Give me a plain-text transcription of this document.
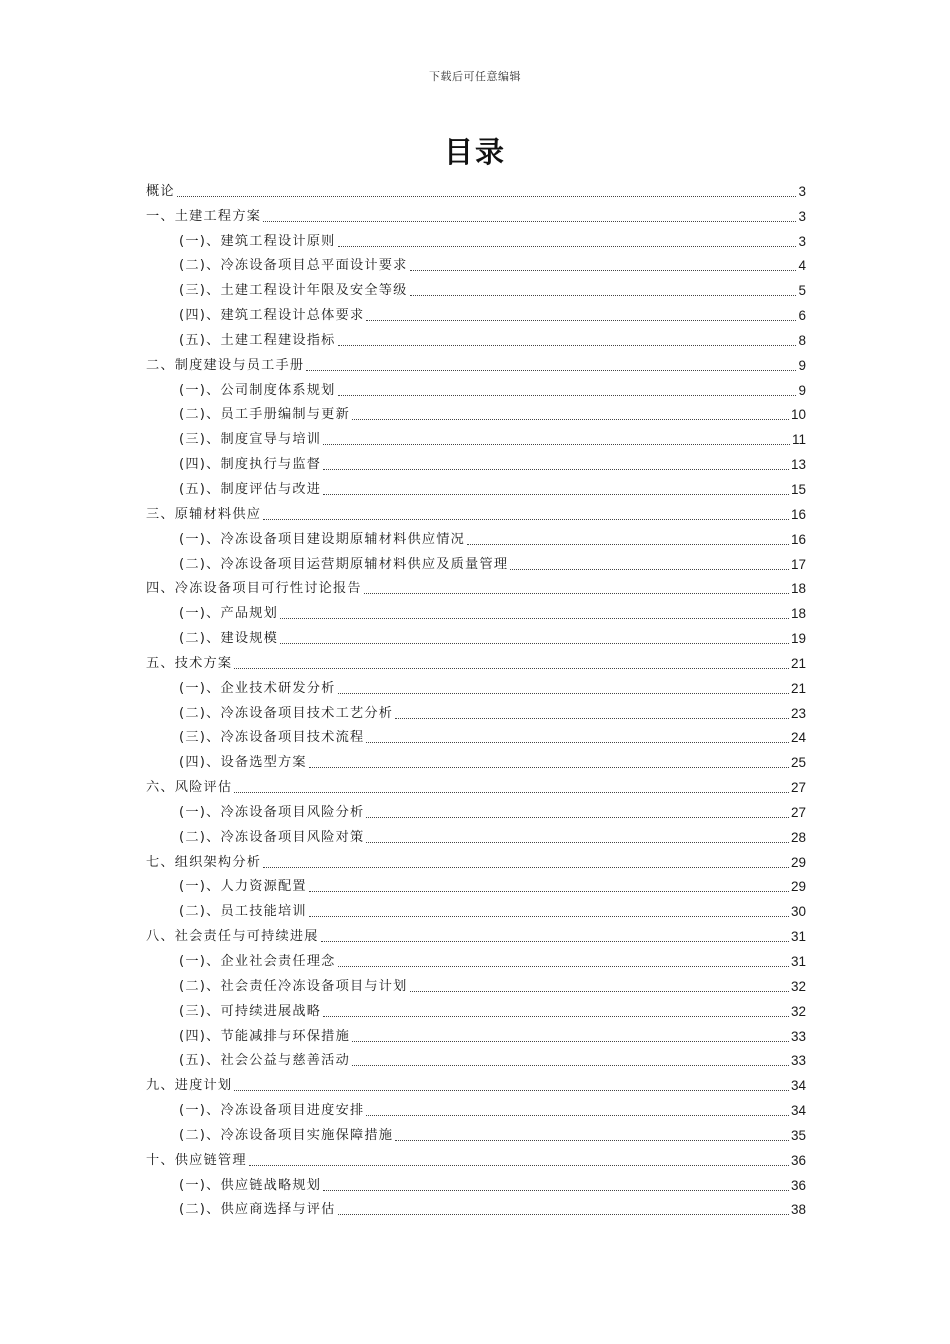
下载后可任意编辑
目录
概论	3
一、土建工程方案	3
(一)、建筑工程设计原则	3
(二)、冷冻设备项目总平面设计要求	4
(三)、土建工程设计年限及安全等级	5
(四)、建筑工程设计总体要求	6
(五)、土建工程建设指标	8
二、制度建设与员工手册	9
(一)、公司制度体系规划	9
(二)、员工手册编制与更新	10
(三)、制度宣导与培训	11
(四)、制度执行与监督	13
(五)、制度评估与改进	15
三、原辅材料供应	16
(一)、冷冻设备项目建设期原辅材料供应情况	16
(二)、冷冻设备项目运营期原辅材料供应及质量管理	17
四、冷冻设备项目可行性讨论报告	18
(一)、产品规划	18
(二)、建设规模	19
五、技术方案	21
(一)、企业技术研发分析	21
(二)、冷冻设备项目技术工艺分析	23
(三)、冷冻设备项目技术流程	24
(四)、设备选型方案	25
六、风险评估	27
(一)、冷冻设备项目风险分析	27
(二)、冷冻设备项目风险对策	28
七、组织架构分析	29
(一)、人力资源配置	29
(二)、员工技能培训	30
八、社会责任与可持续进展	31
(一)、企业社会责任理念	31
(二)、社会责任冷冻设备项目与计划	32
(三)、可持续进展战略	32
(四)、节能减排与环保措施	33
(五)、社会公益与慈善活动	33
九、进度计划	34
(一)、冷冻设备项目进度安排	34
(二)、冷冻设备项目实施保障措施	35
十、供应链管理	36
(一)、供应链战略规划	36
(二)、供应商选择与评估	38
